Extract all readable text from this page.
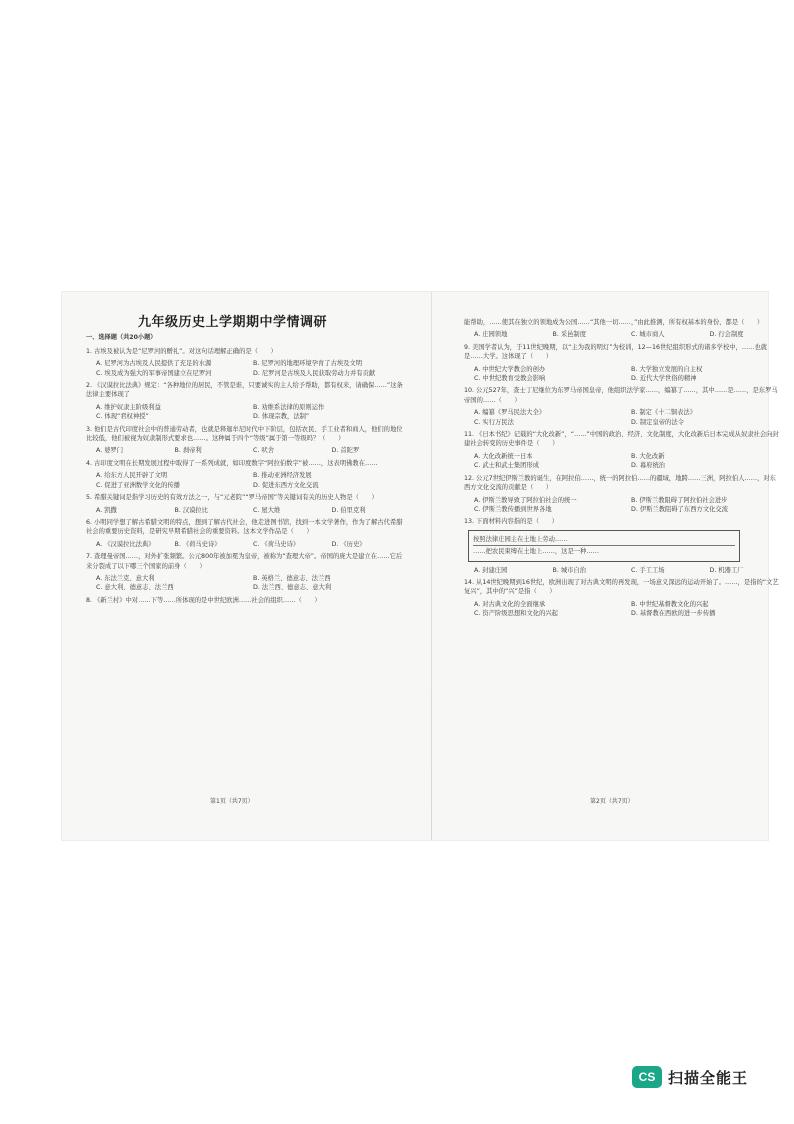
九年级历史上学期期中学情调研
一、选择题（共20小题）
1. 古埃及被认为是“尼罗河的赠礼”。对这句话理解正确的是（　　）
A. 尼罗河为古埃及人民提供了充足的水源	B. 尼罗河的地理环境孕育了古埃及文明
C. 埃及成为强大的军事帝国建立在尼罗河	D. 尼罗河是古埃及人民获取劳动力并有贡献
2. 《汉谟拉比法典》规定：“各种地位的居民，不管是谁，只要诚实的主人给予帮助，都有权来，请确保……”这条法律主要体现了
A. 维护奴隶主阶级利益	B. 劝维系法律的原则运作
C. 体现“君权神授”	D. 体现宗教，法制”
3. 他们是古代印度社会中的普通劳动者，也就是释迦牟尼时代中下阶层，包括农民、手工业者和商人，他们的地位比较低，他们被视为奴隶制形式要求也……。这种属于四个“等级”属于第一等级吗？（　　）
A. 婆罗门	B. 刹帝利	C. 吠舍	D. 首陀罗
4. 古印度文明在长期发展过程中取得了一系列成就，如印度数字“阿拉伯数字”被……，这表明佛教在……
A. 给东方人民开辟了文明	B. 推动亚洲经济发展
C. 促进了亚洲数学文化的传播	D. 促进东西方文化交流
5. 希腊关键词是指学习历史的有效方法之一，与“元老院”“罗马帝国”等关键词有关的历史人物是（　　）
A. 凯撒	B. 汉谟拉比	C. 屋大维	D. 伯里克利
6. 小明同学想了解古希腊文明的特点，想到了解古代社会，他走进图书馆，找到一本文学著作，作为了解古代希腊社会的重要历史资料，是研究早期希腊社会的重要资料。这本文学作品是（　　）
A. 《汉谟拉比法典》	B. 《荷马史诗》	C. 《荷马史诗》	D. 《历史》
7. 查理曼帝国……，对外扩张频繁。公元800年被加冕为皇帝，被称为“查理大帝”。帝国的庞大是建立在……它后来分裂成了以下哪三个国家的前身（　　）
A. 东法兰克、意大利	B. 英格兰、德意志、法兰西
C. 意大利、德意志、法兰西	D. 法兰西、德意志、意大利
8. 《新兰村》中对……下等……所体现的是中世纪欧洲……社会的组织……（　　）
能帮助，……使其在独立的领地成为公国……“其他一切……，”由此推测，所有权基本的身份，都是（　　）
A. 庄园领地	B. 采邑制度	C. 城市商人	D. 行会制度
9. 美国学者认为，于11世纪晚期，以“主为我的明灯”为校训，12—16世纪组织形式的诸多学校中，……也就是……大学。这体现了（　　）
A. 中世纪大学教会的创办	B. 大学独立发展的自主权
C. 中世纪教育受教会影响	D. 近代大学世俗的精神
10. 公元527年，查士丁尼继位为东罗马帝国皇帝，他组织法学家……，编纂了……，其中……是……，是东罗马帝国的……（　　）
A. 编纂《罗马民法大全》	B. 制定《十二铜表法》
C. 实行万民法	D. 制定皇帝的法令
11. 《日本书纪》记载的“大化改新”，“……”中国的政治、经济、文化制度，大化改新后日本完成从奴隶社会向封建社会转变的历史事件是（　　）
A. 大化改新统一日本	B. 大化改新
C. 武士和武士集团形成	D. 幕府统治
12. 公元7世纪伊斯兰教的诞生，在阿拉伯……，统一的阿拉伯……的疆域，地跨……三洲，阿拉伯人……，对东西方文化交流的贡献是（　　）
A. 伊斯兰教导致了阿拉伯社会的统一	B. 伊斯兰教阻碍了阿拉伯社会进步
C. 伊斯兰教传播到世界各地	D. 伊斯兰教阻碍了东西方文化交流
13. 下面材料内容指的是（　　）
按照法律庄园主在土地上劳动……
……把农民束缚在土地上……，这是一种……
A. 封建庄园	B. 城市自治	C. 手工工场	D. 机器工厂
14. 从14世纪晚期到16世纪，欧洲出现了对古典文明的再发现，一场意义深远的运动开始了。……，是指的“文艺复兴”，其中的“兴”是指（　　）
A. 对古典文化的全面继承	B. 中世纪基督教文化的兴起
C. 资产阶级思想和文化的兴起	D. 基督教在西欧的进一步传播
第1页（共7页）	第2页（共7页）
CS 扫描全能王
